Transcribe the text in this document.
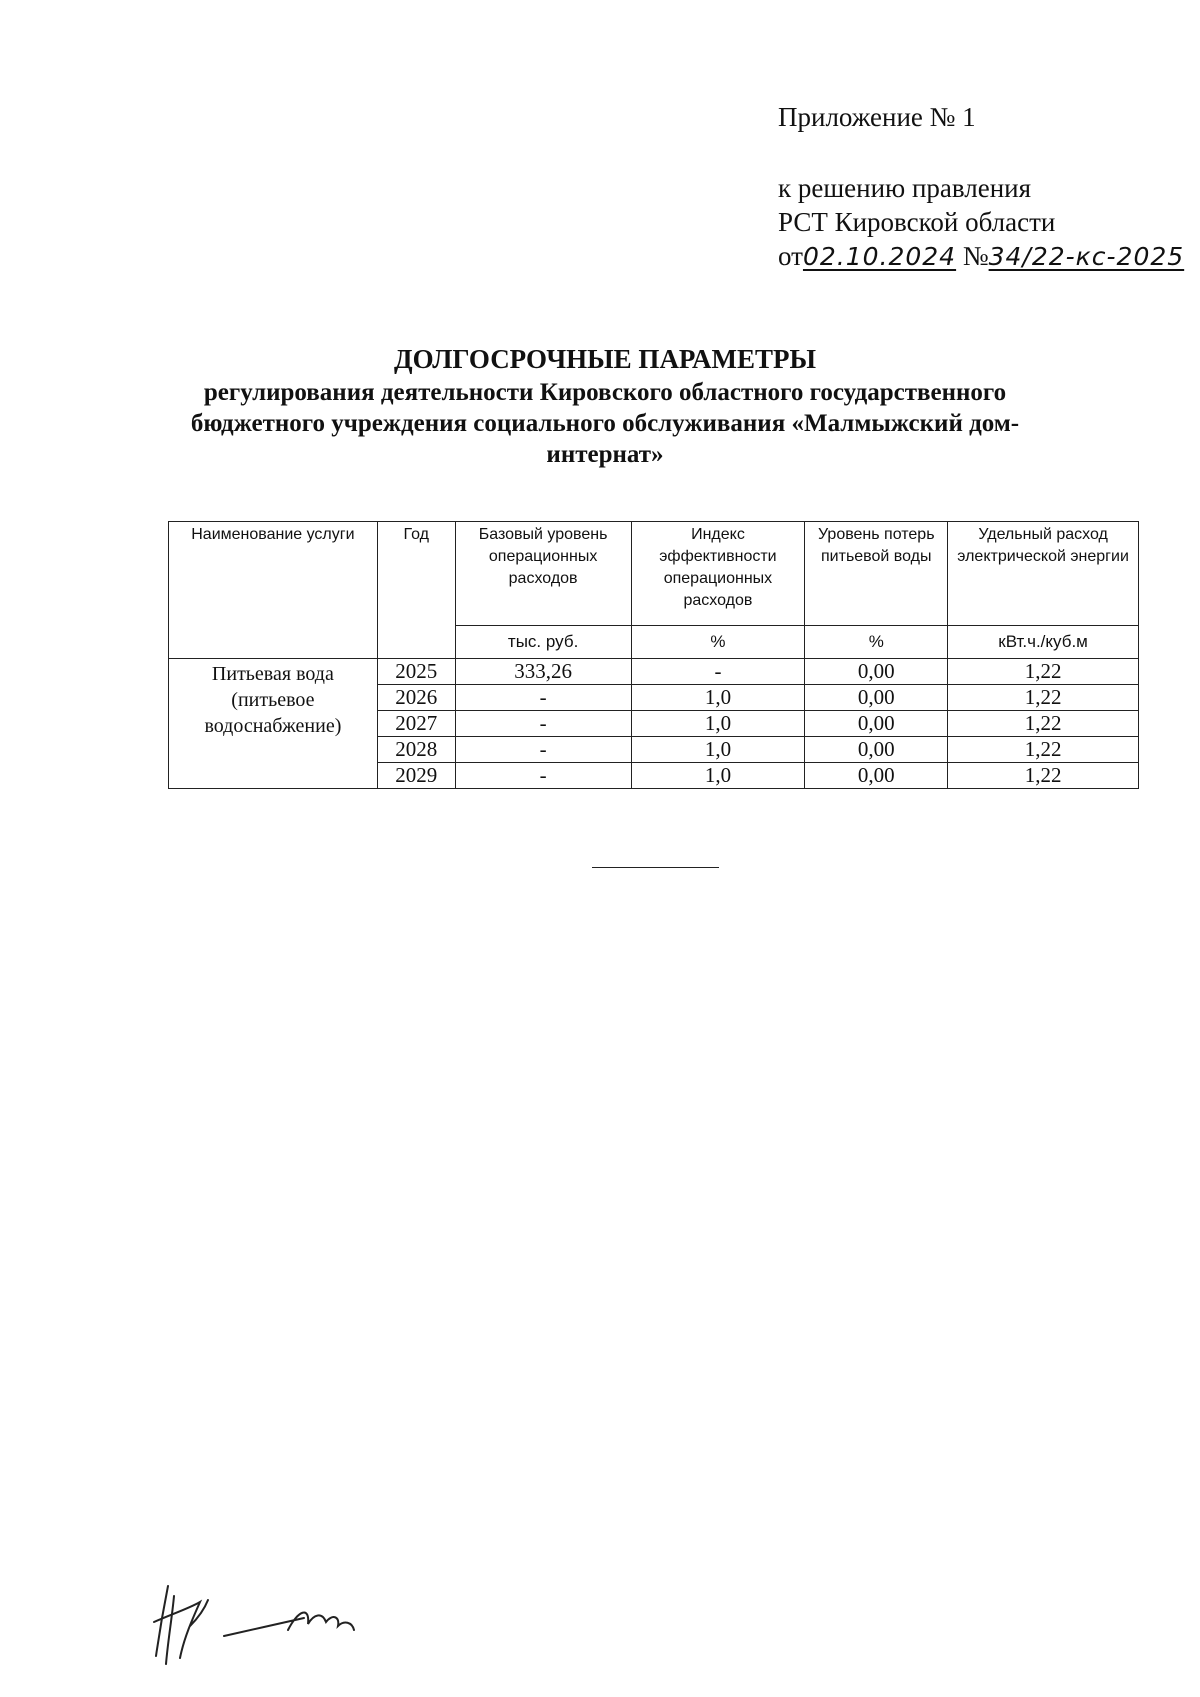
Приложение № 1
к решению правления
РСТ Кировской области
от02.10.2024 №34/22-кс-2025
ДОЛГОСРОЧНЫЕ ПАРАМЕТРЫ
регулирования деятельности Кировского областного государственного бюджетного учреждения социального обслуживания «Малмыжский дом-интернат»
Наименование услуги	Год	Базовый уровень операционных расходов	Индекс эффективности операционных расходов	Уровень потерь питьевой воды	Удельный расход электрической энергии
		тыс. руб.	%	%	кВт.ч./куб.м
Питьевая вода (питьевое водоснабжение)	2025	333,26	-	0,00	1,22
	2026	-	1,0	0,00	1,22
	2027	-	1,0	0,00	1,22
	2028	-	1,0	0,00	1,22
	2029	-	1,0	0,00	1,22
